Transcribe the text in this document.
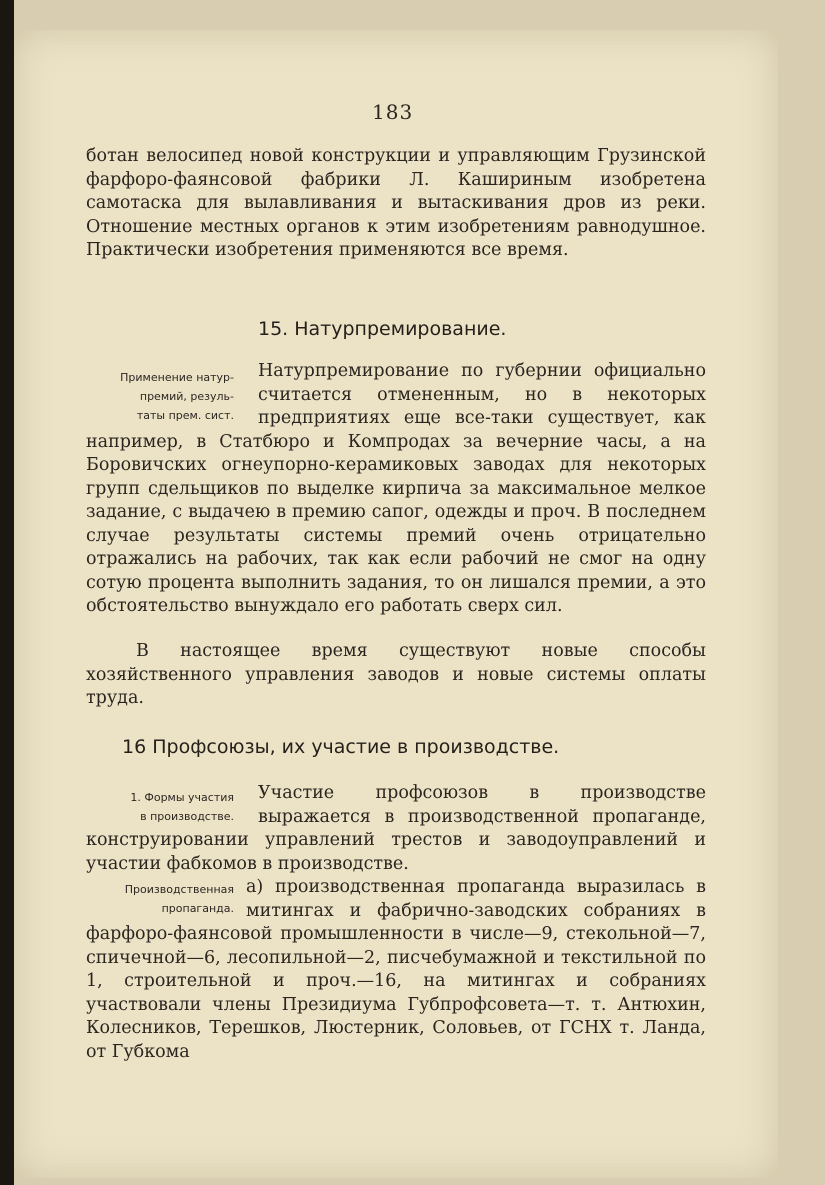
183

ботан велосипед новой конструкции и управляющим Грузинской фарфоро-фаянсовой фабрики Л. Кашириным изобретена самотаска для вылавливания и вытаскивания дров из реки. Отношение местных органов к этим изобретениям равнодушное. Практически изобретения применяются все время.

15. Натурпремирование.
Применение натур-
премий, резуль-
таты прем. сист.

Натурпремирование по губернии официально считается отмененным, но в некоторых предприятиях еще все-таки существует, как например, в Статбюро и Компродах за вечерние часы, а на Боровичских огнеупорно-керамиковых заводах для некоторых групп сдельщиков по выделке кирпича за максимальное мелкое задание, с выдачею в премию сапог, одежды и проч. В последнем случае результаты системы премий очень отрицательно отражались на рабочих, так как если рабочий не смог на одну сотую процента выполнить задания, то он лишался премии, а это обстоятельство вынуждало его работать сверх сил.

В настоящее время существуют новые способы хозяйственного управления заводов и новые системы оплаты труда.

16 Профсоюзы, их участие в производстве.
1. Формы участия
в производстве.

Участие профсоюзов в производстве выражается в производственной пропаганде, конструировании управлений трестов и заводоуправлений и участии фабкомов в производстве.

Производственная
пропаганда.

а) производственная пропаганда выразилась в митингах и фабрично-заводских собраниях в фарфоро-фаянсовой промышленности в числе—9, стекольной—7, спичечной—6, лесопильной—2, писчебумажной и текстильной по 1, строительной и проч.—16, на митингах и собраниях участвовали члены Президиума Губпрофсовета—т. т. Антюхин, Колесников, Терешков, Люстерник, Соловьев, от ГСНХ т. Ланда, от Губкома
